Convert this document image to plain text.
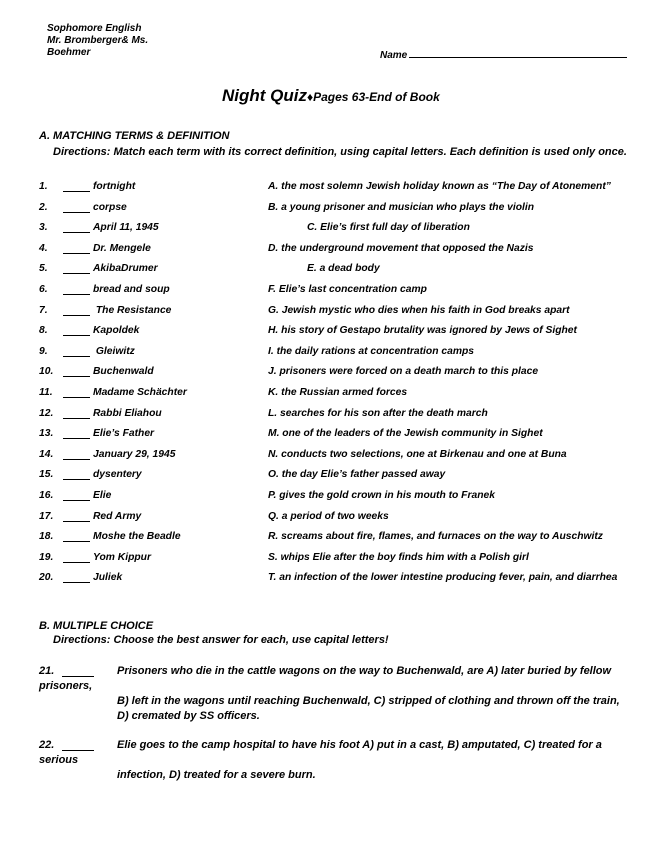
Sophomore English
Mr. Bromberger& Ms.
Boehmer	Name
Night Quiz♦Pages 63-End of Book
A. MATCHING TERMS & DEFINITION
Directions: Match each term with its correct definition, using capital letters. Each definition is used only once.
1.	fortnight	A. the most solemn Jewish holiday known as “The Day of Atonement”
2.	corpse	B. a young prisoner and musician who plays the violin
3.	April 11, 1945	C. Elie’s first full day of liberation
4.	Dr. Mengele	D. the underground movement that opposed the Nazis
5.	AkibaDrumer	E. a dead body
6.	bread and soup	F. Elie’s last concentration camp
7.	The Resistance	G. Jewish mystic who dies when his faith in God breaks apart
8.	Kapoldek	H. his story of Gestapo brutality was ignored by Jews of Sighet
9.	Gleiwitz	I. the daily rations at concentration camps
10.	Buchenwald	J. prisoners were forced on a death march to this place
11.	Madame Schächter	K. the Russian armed forces
12.	Rabbi Eliahou	L. searches for his son after the death march
13.	Elie’s Father	M. one of the leaders of the Jewish community in Sighet
14.	January 29, 1945	N. conducts two selections, one at Birkenau and one at Buna
15.	dysentery	O. the day Elie’s father passed away
16.	Elie	P. gives the gold crown in his mouth to Franek
17.	Red Army	Q. a period of two weeks
18.	Moshe the Beadle	R. screams about fire, flames, and furnaces on the way to Auschwitz
19.	Yom Kippur	S. whips Elie after the boy finds him with a Polish girl
20.	Juliek	T. an infection of the lower intestine producing fever, pain, and diarrhea
B. MULTIPLE CHOICE
Directions: Choose the best answer for each, use capital letters!
21.	Prisoners who die in the cattle wagons on the way to Buchenwald, are A) later buried by fellow
prisoners,
B) left in the wagons until reaching Buchenwald, C) stripped of clothing and thrown off the train,
D) cremated by SS officers.
22.	Elie goes to the camp hospital to have his foot A) put in a cast, B) amputated, C) treated for a
serious
infection, D) treated for a severe burn.
